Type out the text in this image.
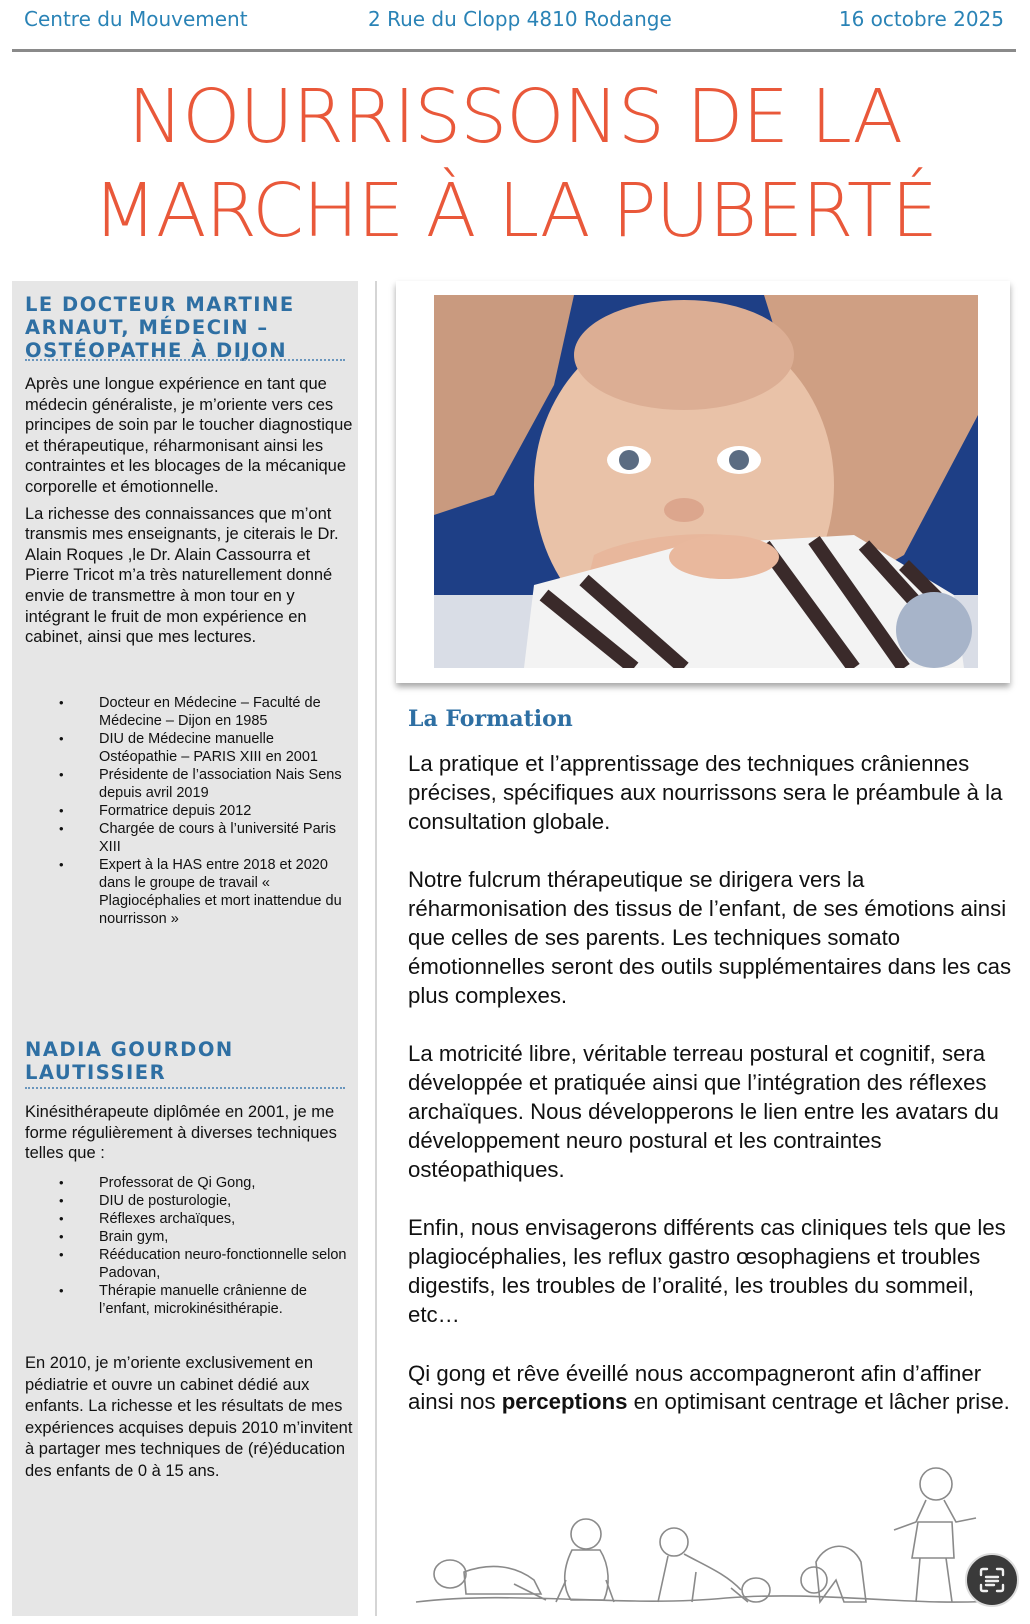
Centre du Mouvement	2 Rue du Clopp 4810 Rodange	16 octobre 2025
NOURRISSONS DE LA
MARCHE À LA PUBERTÉ
LE DOCTEUR MARTINE
ARNAUT, MÉDECIN –
OSTÉOPATHE À DIJON

Après une longue expérience en tant que médecin généraliste, je m’oriente vers ces principes de soin par le toucher diagnostique et thérapeutique, réharmonisant ainsi les contraintes et les blocages de la mécanique corporelle et émotionnelle.

La richesse des connaissances que m’ont transmis mes enseignants, je citerais le Dr. Alain Roques ,le Dr. Alain Cassourra et Pierre Tricot m’a très naturellement donné envie de transmettre à mon tour en y intégrant le fruit de mon expérience en cabinet, ainsi que mes lectures.

• Docteur en Médecine – Faculté de Médecine – Dijon en 1985
• DIU de Médecine manuelle Ostéopathie – PARIS XIII en 2001
• Présidente de l’association Nais Sens depuis avril 2019
• Formatrice depuis 2012
• Chargée de cours à l’université Paris XIII
• Expert à la HAS entre 2018 et 2020 dans le groupe de travail « Plagiocéphalies et mort inattendue du nourrisson »
NADIA GOURDON
LAUTISSIER
Kinésithérapeute diplômée en 2001, je me forme régulièrement à diverses techniques telles que :
• Professorat de Qi Gong,
• DIU de posturologie,
• Réflexes archaïques,
• Brain gym,
• Rééducation neuro-fonctionnelle selon Padovan,
• Thérapie manuelle crânienne de l’enfant, microkinésithérapie.
En 2010, je m’oriente exclusivement en pédiatrie et ouvre un cabinet dédié aux enfants. La richesse et les résultats de mes expériences acquises depuis 2010 m’invitent à partager mes techniques de (ré)éducation des enfants de 0 à 15 ans.
La Formation

La pratique et l’apprentissage des techniques crâniennes précises, spécifiques aux nourrissons sera le préambule à la consultation globale.

Notre fulcrum thérapeutique se dirigera vers la réharmonisation des tissus de l’enfant, de ses émotions ainsi que celles de ses parents. Les techniques somato émotionnelles seront des outils supplémentaires dans les cas plus complexes.

La motricité libre, véritable terreau postural et cognitif, sera développée et pratiquée ainsi que l’intégration des réflexes archaïques. Nous développerons le lien entre les avatars du développement neuro postural et les contraintes ostéopathiques.

Enfin, nous envisagerons différents cas cliniques tels que les plagiocéphalies, les reflux gastro œsophagiens et troubles digestifs, les troubles de l’oralité, les troubles du sommeil, etc…

Qi gong et rêve éveillé nous accompagneront afin d’affiner ainsi nos perceptions en optimisant centrage et lâcher prise.
